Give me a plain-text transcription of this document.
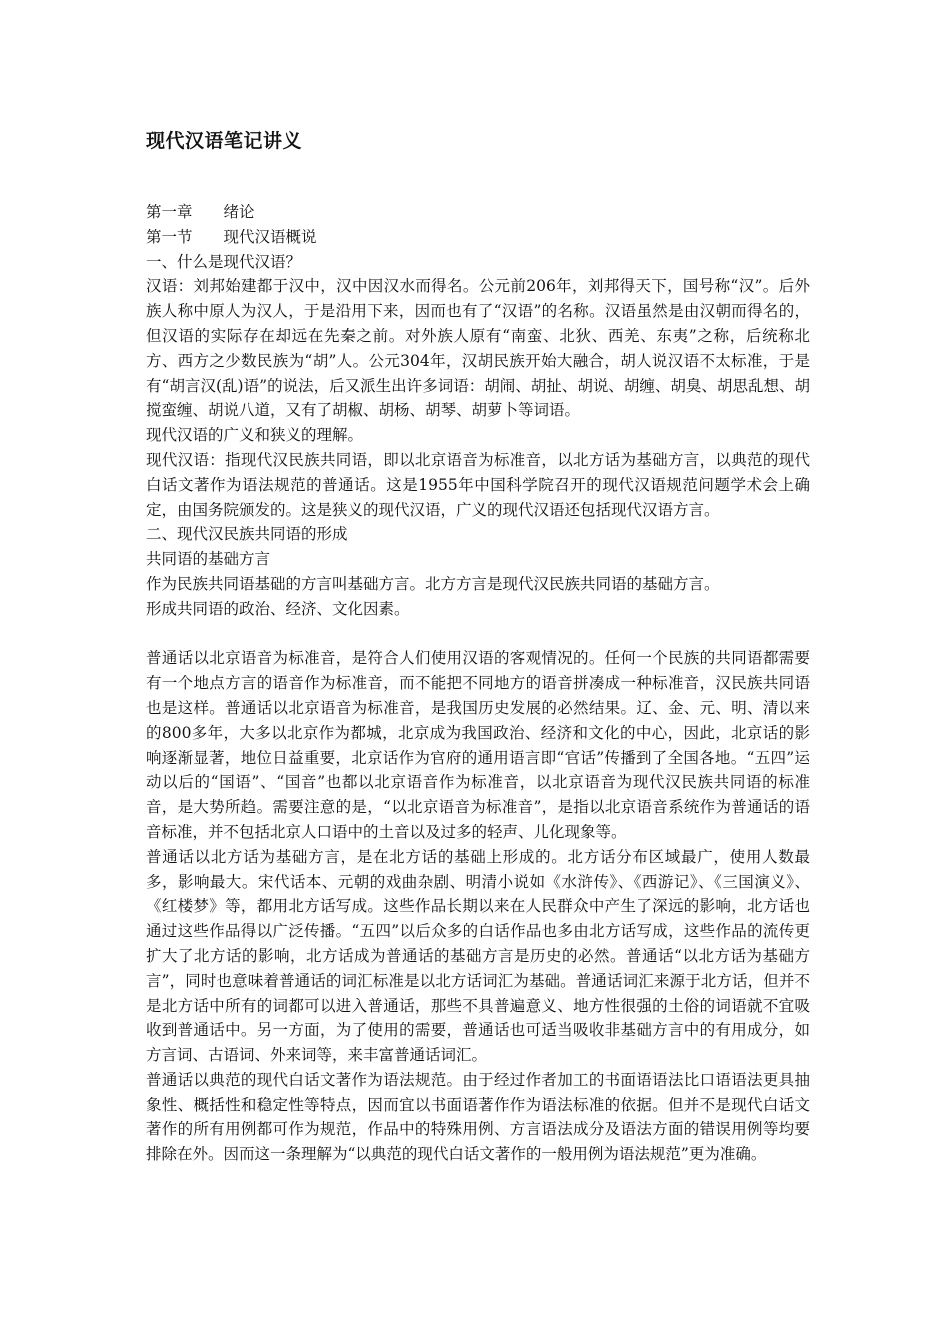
现代汉语笔记讲义

第一章　　绪论

第一节　　现代汉语概说

一、什么是现代汉语？

汉语：刘邦始建都于汉中，汉中因汉水而得名。公元前206年，刘邦得天下，国号称“汉”。后外族人称中原人为汉人，于是沿用下来，因而也有了“汉语”的名称。汉语虽然是由汉朝而得名的，但汉语的实际存在却远在先秦之前。对外族人原有“南蛮、北狄、西羌、东夷”之称，后统称北方、西方之少数民族为“胡”人。公元304年，汉胡民族开始大融合，胡人说汉语不太标准，于是有“胡言汉(乱)语”的说法，后又派生出许多词语：胡闹、胡扯、胡说、胡缠、胡臭、胡思乱想、胡搅蛮缠、胡说八道，又有了胡椒、胡杨、胡琴、胡萝卜等词语。

现代汉语的广义和狭义的理解。

现代汉语：指现代汉民族共同语，即以北京语音为标准音，以北方话为基础方言，以典范的现代白话文著作为语法规范的普通话。这是1955年中国科学院召开的现代汉语规范问题学术会上确定，由国务院颁发的。这是狭义的现代汉语，广义的现代汉语还包括现代汉语方言。

二、现代汉民族共同语的形成

共同语的基础方言

作为民族共同语基础的方言叫基础方言。北方方言是现代汉民族共同语的基础方言。

形成共同语的政治、经济、文化因素。

普通话以北京语音为标准音，是符合人们使用汉语的客观情况的。任何一个民族的共同语都需要有一个地点方言的语音作为标准音，而不能把不同地方的语音拼凑成一种标准音，汉民族共同语也是这样。普通话以北京语音为标准音，是我国历史发展的必然结果。辽、金、元、明、清以来的800多年，大多以北京作为都城，北京成为我国政治、经济和文化的中心，因此，北京话的影响逐渐显著，地位日益重要，北京话作为官府的通用语言即“官话”传播到了全国各地。“五四”运动以后的“国语”、“国音”也都以北京语音作为标准音，以北京语音为现代汉民族共同语的标准音，是大势所趋。需要注意的是，“以北京语音为标准音”，是指以北京语音系统作为普通话的语音标准，并不包括北京人口语中的土音以及过多的轻声、儿化现象等。

普通话以北方话为基础方言，是在北方话的基础上形成的。北方话分布区域最广，使用人数最多，影响最大。宋代话本、元朝的戏曲杂剧、明清小说如《水浒传》、《西游记》、《三国演义》、《红楼梦》等，都用北方话写成。这些作品长期以来在人民群众中产生了深远的影响，北方话也通过这些作品得以广泛传播。“五四”以后众多的白话作品也多由北方话写成，这些作品的流传更扩大了北方话的影响，北方话成为普通话的基础方言是历史的必然。普通话“以北方话为基础方言”，同时也意味着普通话的词汇标准是以北方话词汇为基础。普通话词汇来源于北方话，但并不是北方话中所有的词都可以进入普通话，那些不具普遍意义、地方性很强的土俗的词语就不宜吸收到普通话中。另一方面，为了使用的需要，普通话也可适当吸收非基础方言中的有用成分，如方言词、古语词、外来词等，来丰富普通话词汇。

普通话以典范的现代白话文著作为语法规范。由于经过作者加工的书面语语法比口语语法更具抽象性、概括性和稳定性等特点，因而宜以书面语著作作为语法标准的依据。但并不是现代白话文著作的所有用例都可作为规范，作品中的特殊用例、方言语法成分及语法方面的错误用例等均要排除在外。因而这一条理解为“以典范的现代白话文著作的一般用例为语法规范”更为准确。
